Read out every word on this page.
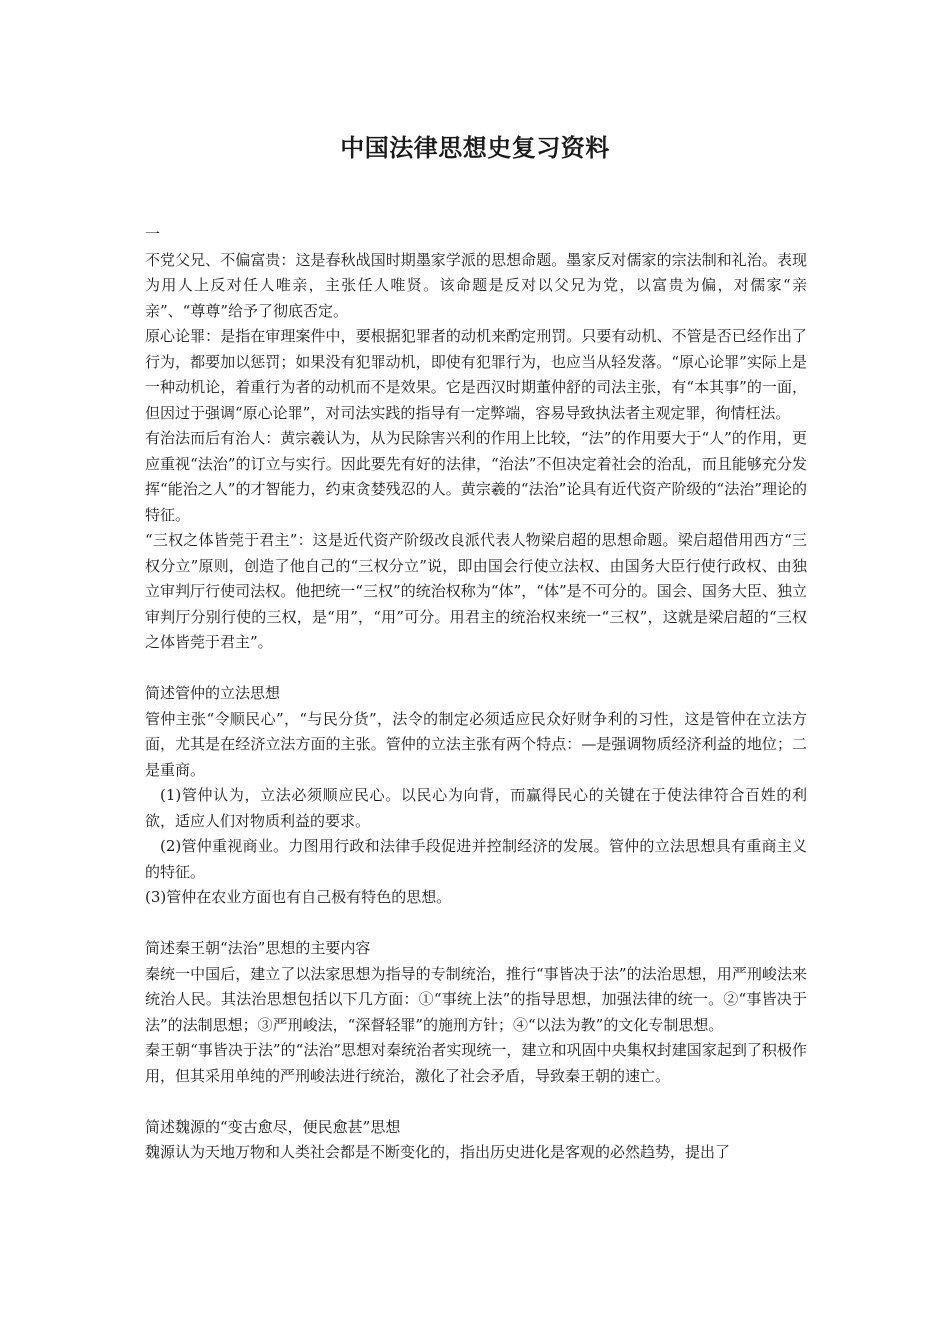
中国法律思想史复习资料

一

不党父兄、不偏富贵：这是春秋战国时期墨家学派的思想命题。墨家反对儒家的宗法制和礼治。表现为用人上反对任人唯亲，主张任人唯贤。该命题是反对以父兄为党，以富贵为偏，对儒家“亲亲”、“尊尊”给予了彻底否定。

原心论罪：是指在审理案件中，要根据犯罪者的动机来酌定刑罚。只要有动机、不管是否已经作出了行为，都要加以惩罚；如果没有犯罪动机，即使有犯罪行为，也应当从轻发落。“原心论罪”实际上是一种动机论，着重行为者的动机而不是效果。它是西汉时期董仲舒的司法主张，有“本其事”的一面，但因过于强调“原心论罪”，对司法实践的指导有一定弊端，容易导致执法者主观定罪，徇情枉法。

有治法而后有治人：黄宗羲认为，从为民除害兴利的作用上比较，“法”的作用要大于“人”的作用，更应重视“法治”的订立与实行。因此要先有好的法律，“治法”不但决定着社会的治乱，而且能够充分发挥“能治之人”的才智能力，约束贪婪残忍的人。黄宗羲的“法治”论具有近代资产阶级的“法治”理论的特征。

“三权之体皆莞于君主”：这是近代资产阶级改良派代表人物梁启超的思想命题。梁启超借用西方“三权分立”原则，创造了他自己的“三权分立”说，即由国会行使立法权、由国务大臣行使行政权、由独立审判厅行使司法权。他把统一“三权”的统治权称为“体”，“体”是不可分的。国会、国务大臣、独立审判厅分别行使的三权，是“用”，“用”可分。用君主的统治权来统一“三权”，这就是梁启超的“三权之体皆莞于君主”。

简述管仲的立法思想

管仲主张“令顺民心”，“与民分货”，法令的制定必须适应民众好财争利的习性，这是管仲在立法方面，尤其是在经济立法方面的主张。管仲的立法主张有两个特点：—是强调物质经济利益的地位；二是重商。

(1)管仲认为，立法必须顺应民心。以民心为向背，而赢得民心的关键在于使法律符合百姓的利欲，适应人们对物质利益的要求。

(2)管仲重视商业。力图用行政和法律手段促进并控制经济的发展。管仲的立法思想具有重商主义的特征。

(3)管仲在农业方面也有自己极有特色的思想。

简述秦王朝“法治”思想的主要内容

秦统一中国后，建立了以法家思想为指导的专制统治，推行“事皆决于法”的法治思想，用严刑峻法来统治人民。其法治思想包括以下几方面：①“事统上法”的指导思想，加强法律的统一。②“事皆决于法”的法制思想；③严刑峻法，“深督轻罪”的施刑方针；④“以法为教”的文化专制思想。

秦王朝“事皆决于法”的“法治”思想对秦统治者实现统一，建立和巩固中央集权封建国家起到了积极作用，但其采用单纯的严刑峻法进行统治，激化了社会矛盾，导致秦王朝的速亡。

简述魏源的“变古愈尽，便民愈甚”思想

魏源认为天地万物和人类社会都是不断变化的，指出历史进化是客观的必然趋势，提出了
